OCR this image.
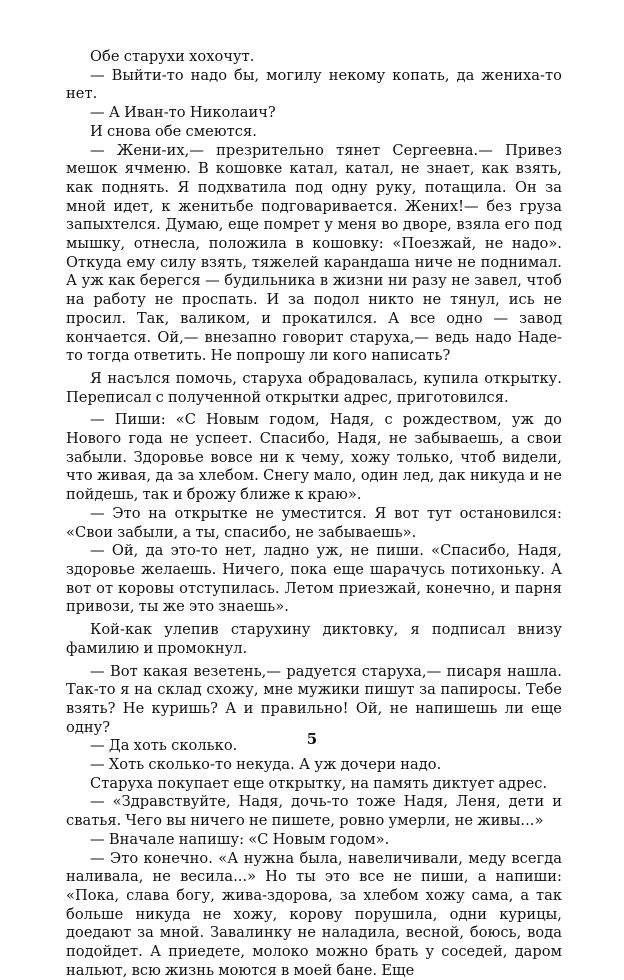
Обе старухи хохочут.

— Выйти-то надо бы, могилу некому копать, да жениха-то нет.

— А Иван-то Николаич?

И снова обе смеются.

— Жени-их,— презрительно тянет Сергеевна.— Привез мешок ячменю. В кошовке катал, катал, не знает, как взять, как поднять. Я подхватила под одну руку, потащила. Он за мной идет, к женитьбе подговаривается. Жених!— без груза запыхтелся. Думаю, еще помрет у меня во дворе, взяла его под мышку, отнесла, положила в кошовку: «Поезжай, не надо». Откуда ему силу взять, тяжелей карандаша ниче не поднимал. А уж как берегся — будильника в жизни ни разу не завел, чтоб на работу не проспать. И за подол никто не тянул, ись не просил. Так, валиком, и прокатился. А все одно — завод кончается. Ой,— внезапно говорит старуха,— ведь надо Наде-то тогда ответить. Не попрошу ли кого написать?

Я насълся помочь, старуха обрадовалась, купила открытку. Переписал с полученной открытки адрес, приготовился.

— Пиши: «С Новым годом, Надя, с рождеством, уж до Нового года не успеет. Спасибо, Надя, не забываешь, а свои забыли. Здоровье вовсе ни к чему, хожу только, чтоб видели, что живая, да за хлебом. Снегу мало, один лед, дак никуда и не пойдешь, так и брожу ближе к краю».

— Это на открытке не уместится. Я вот тут остановился: «Свои забыли, а ты, спасибо, не забываешь».

— Ой, да это-то нет, ладно уж, не пиши. «Спасибо, Надя, здоровье желаешь. Ничего, пока еще шарачусь потихоньку. А вот от коровы отступилась. Летом приезжай, конечно, и парня привози, ты же это знаешь».

Кой-как улепив старухину диктовку, я подписал внизу фамилию и промокнул.

— Вот какая везетень,— радуется старуха,— писаря нашла. Так-то я на склад схожу, мне мужики пишут за папиросы. Тебе взять? Не куришь? А и правильно! Ой, не напишешь ли еще одну?

— Да хоть сколько.

— Хоть сколько-то некуда. А уж дочери надо.

Старуха покупает еще открытку, на память диктует адрес.

— «Здравствуйте, Надя, дочь-то тоже Надя, Леня, дети и сватья. Чего вы ничего не пишете, ровно умерли, не живы...»

— Вначале напишу: «С Новым годом».

— Это конечно. «А нужна была, навеличивали, меду всегда наливала, не весила...» Но ты это все не пиши, а напиши: «Пока, слава богу, жива-здорова, за хлебом хожу сама, а так больше никуда не хожу, корову порушила, одни курицы, доедают за мной. Завалинку не наладила, весной, боюсь, вода подойдет. А приедете, молоко можно брать у соседей, даром нальют, всю жизнь моются в моей бане. Еще

5
